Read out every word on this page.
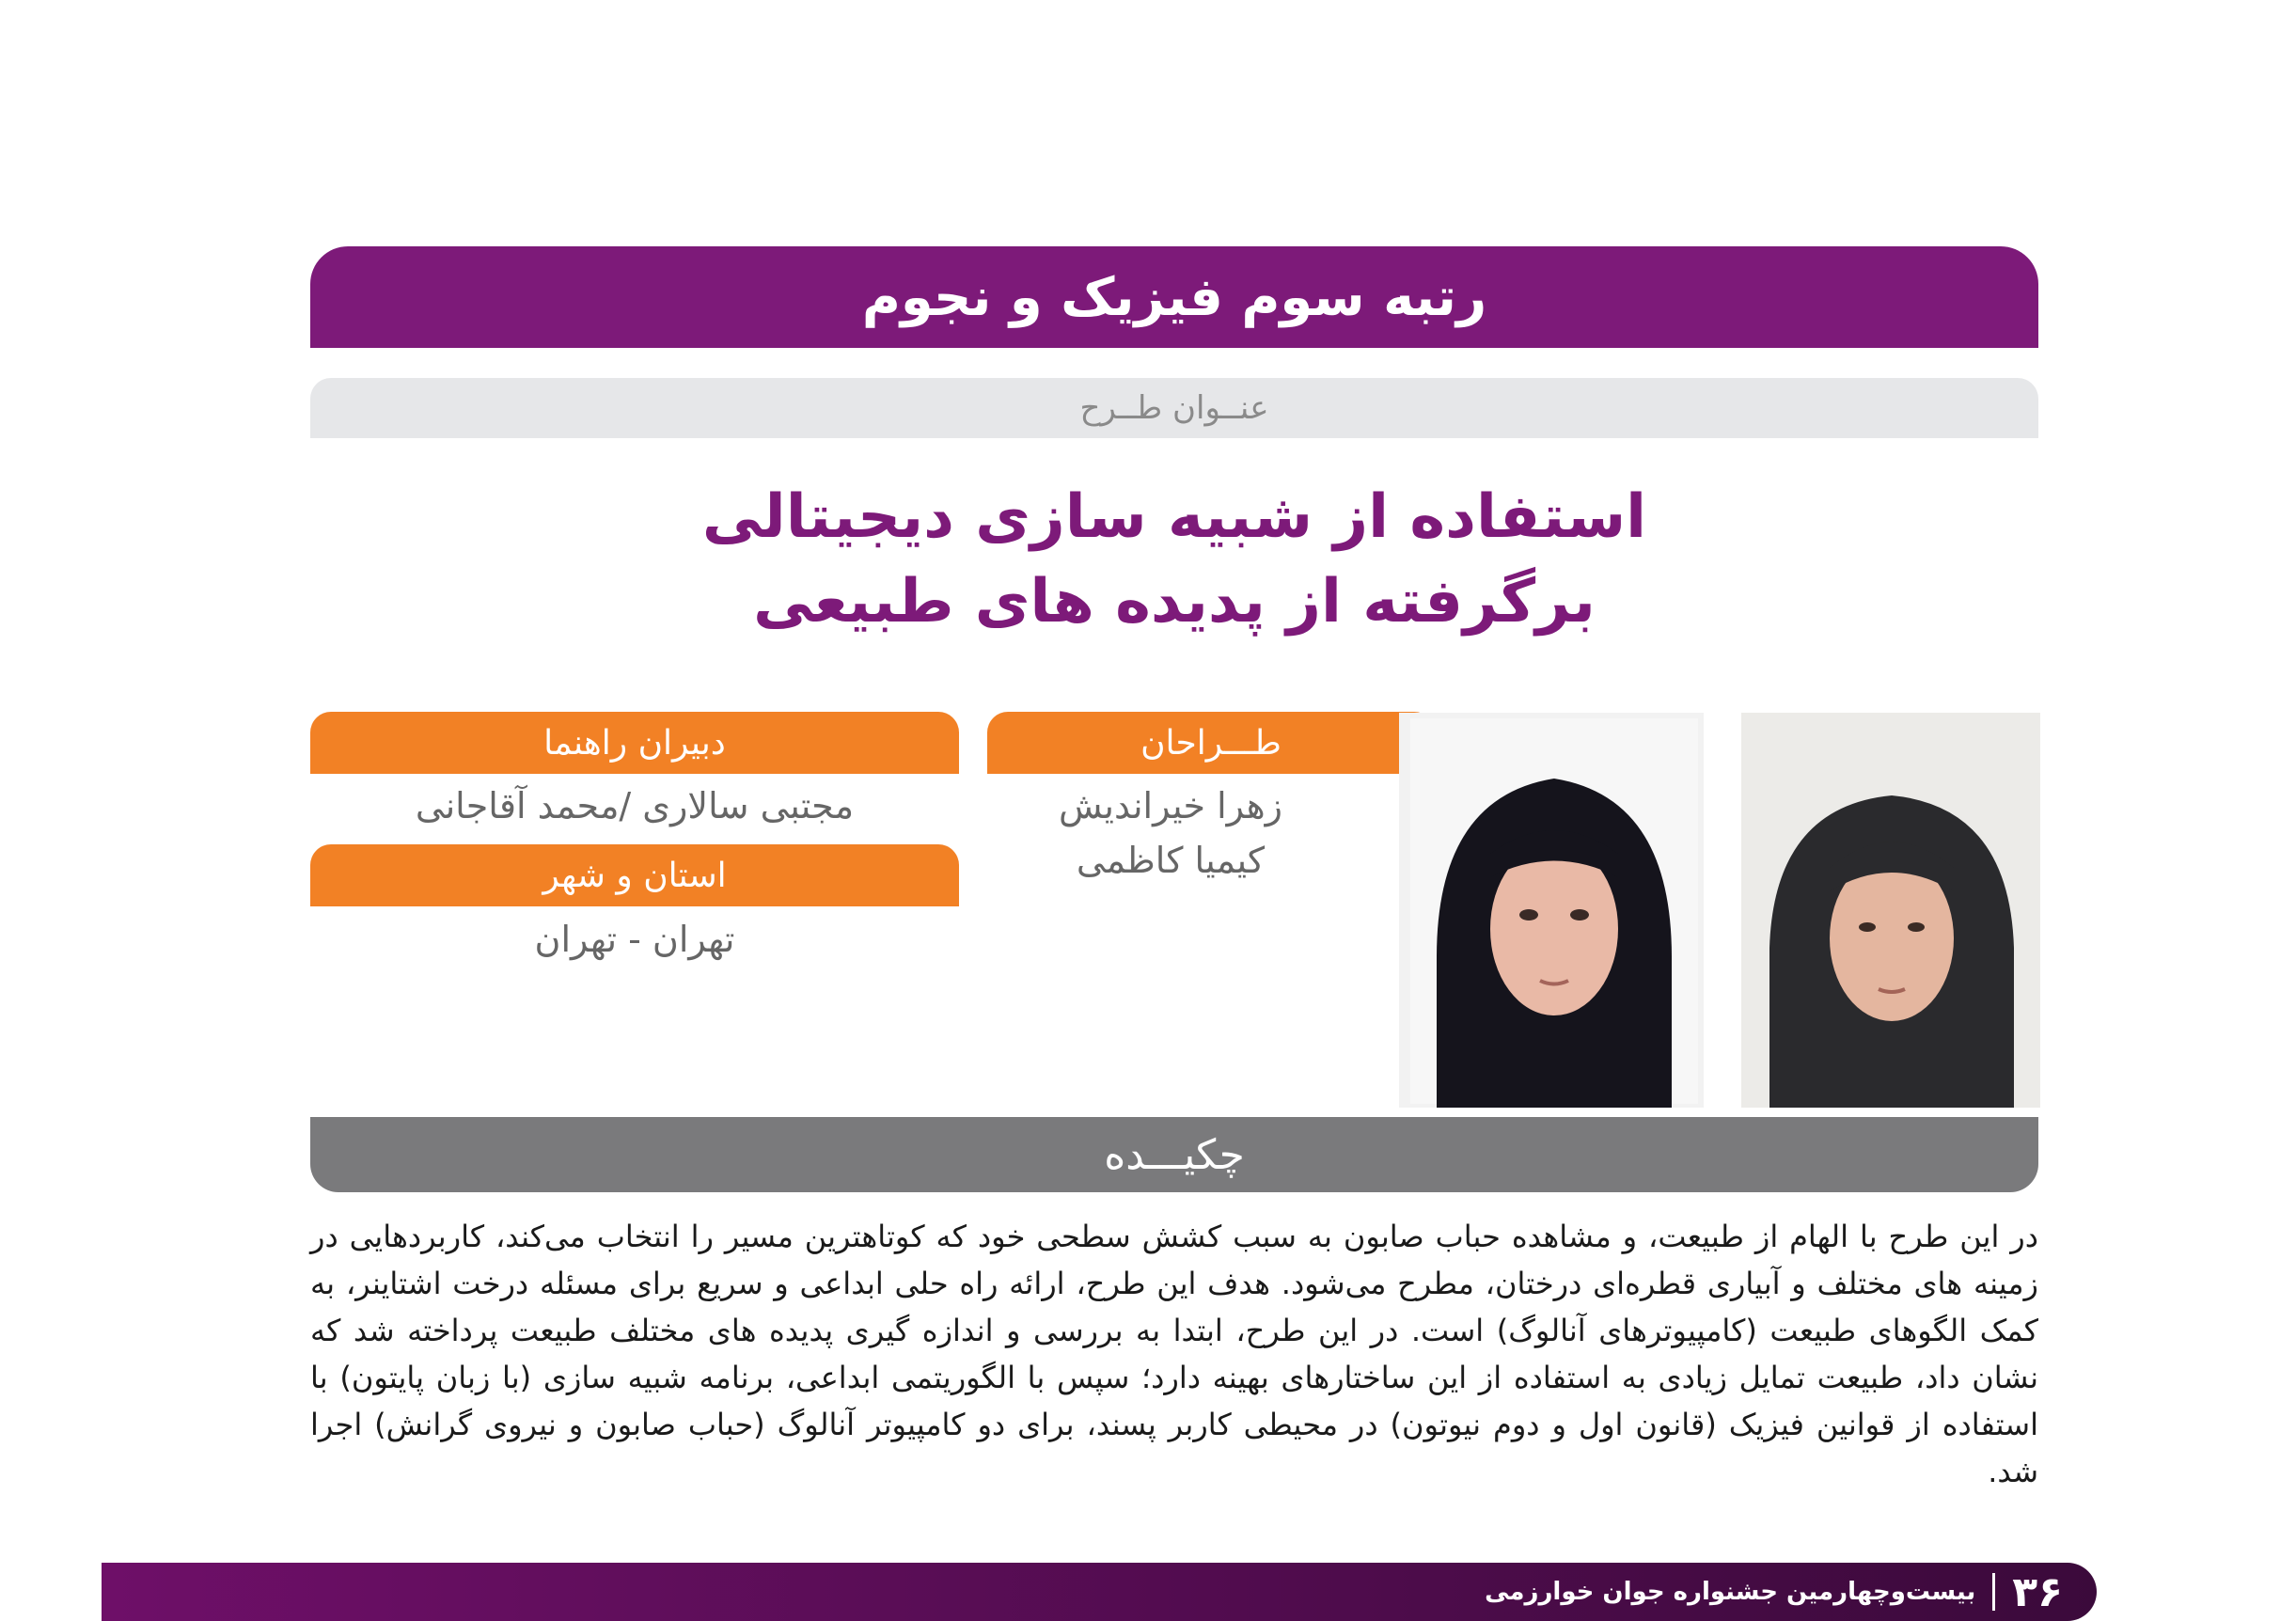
رتبه سوم فیزیک و نجوم
عنــوان طــرح
استفاده از شبیه سازی دیجیتالی
برگرفته از پدیده های طبیعی
دبیران راهنما
مجتبی سالاری /محمد آقاجانی
استان و شهر
تهران - تهران
طـــراحان
زهرا خیراندیش
کیمیا کاظمی
چکیـــده
در این طرح با الهام از طبیعت، و مشاهده حباب صابون به سبب کشش سطحی خود که کوتاهترین مسیر را انتخاب می‌کند، کاربردهایی در زمینه های مختلف و آبیاری قطره‌ای درختان، مطرح می‌شود. هدف این طرح، ارائه راه حلی ابداعی و سریع برای مسئله درخت اشتاینر، به کمک الگوهای طبیعت (کامپیوترهای آنالوگ) است. در این طرح، ابتدا به بررسی و اندازه گیری پدیده های مختلف طبیعت پرداخته شد که نشان داد، طبیعت تمایل زیادی به استفاده از این ساختارهای بهینه دارد؛ سپس با الگوریتمی ابداعی، برنامه شبیه سازی (با زبان پایتون) با استفاده از قوانین فیزیک (قانون اول و دوم نیوتون) در محیطی کاربر پسند، برای دو کامپیوتر آنالوگ (حباب صابون و نیروی گرانش) اجرا شد.
۳۶
بیست‌وچهارمین جشنواره جوان خوارزمی
